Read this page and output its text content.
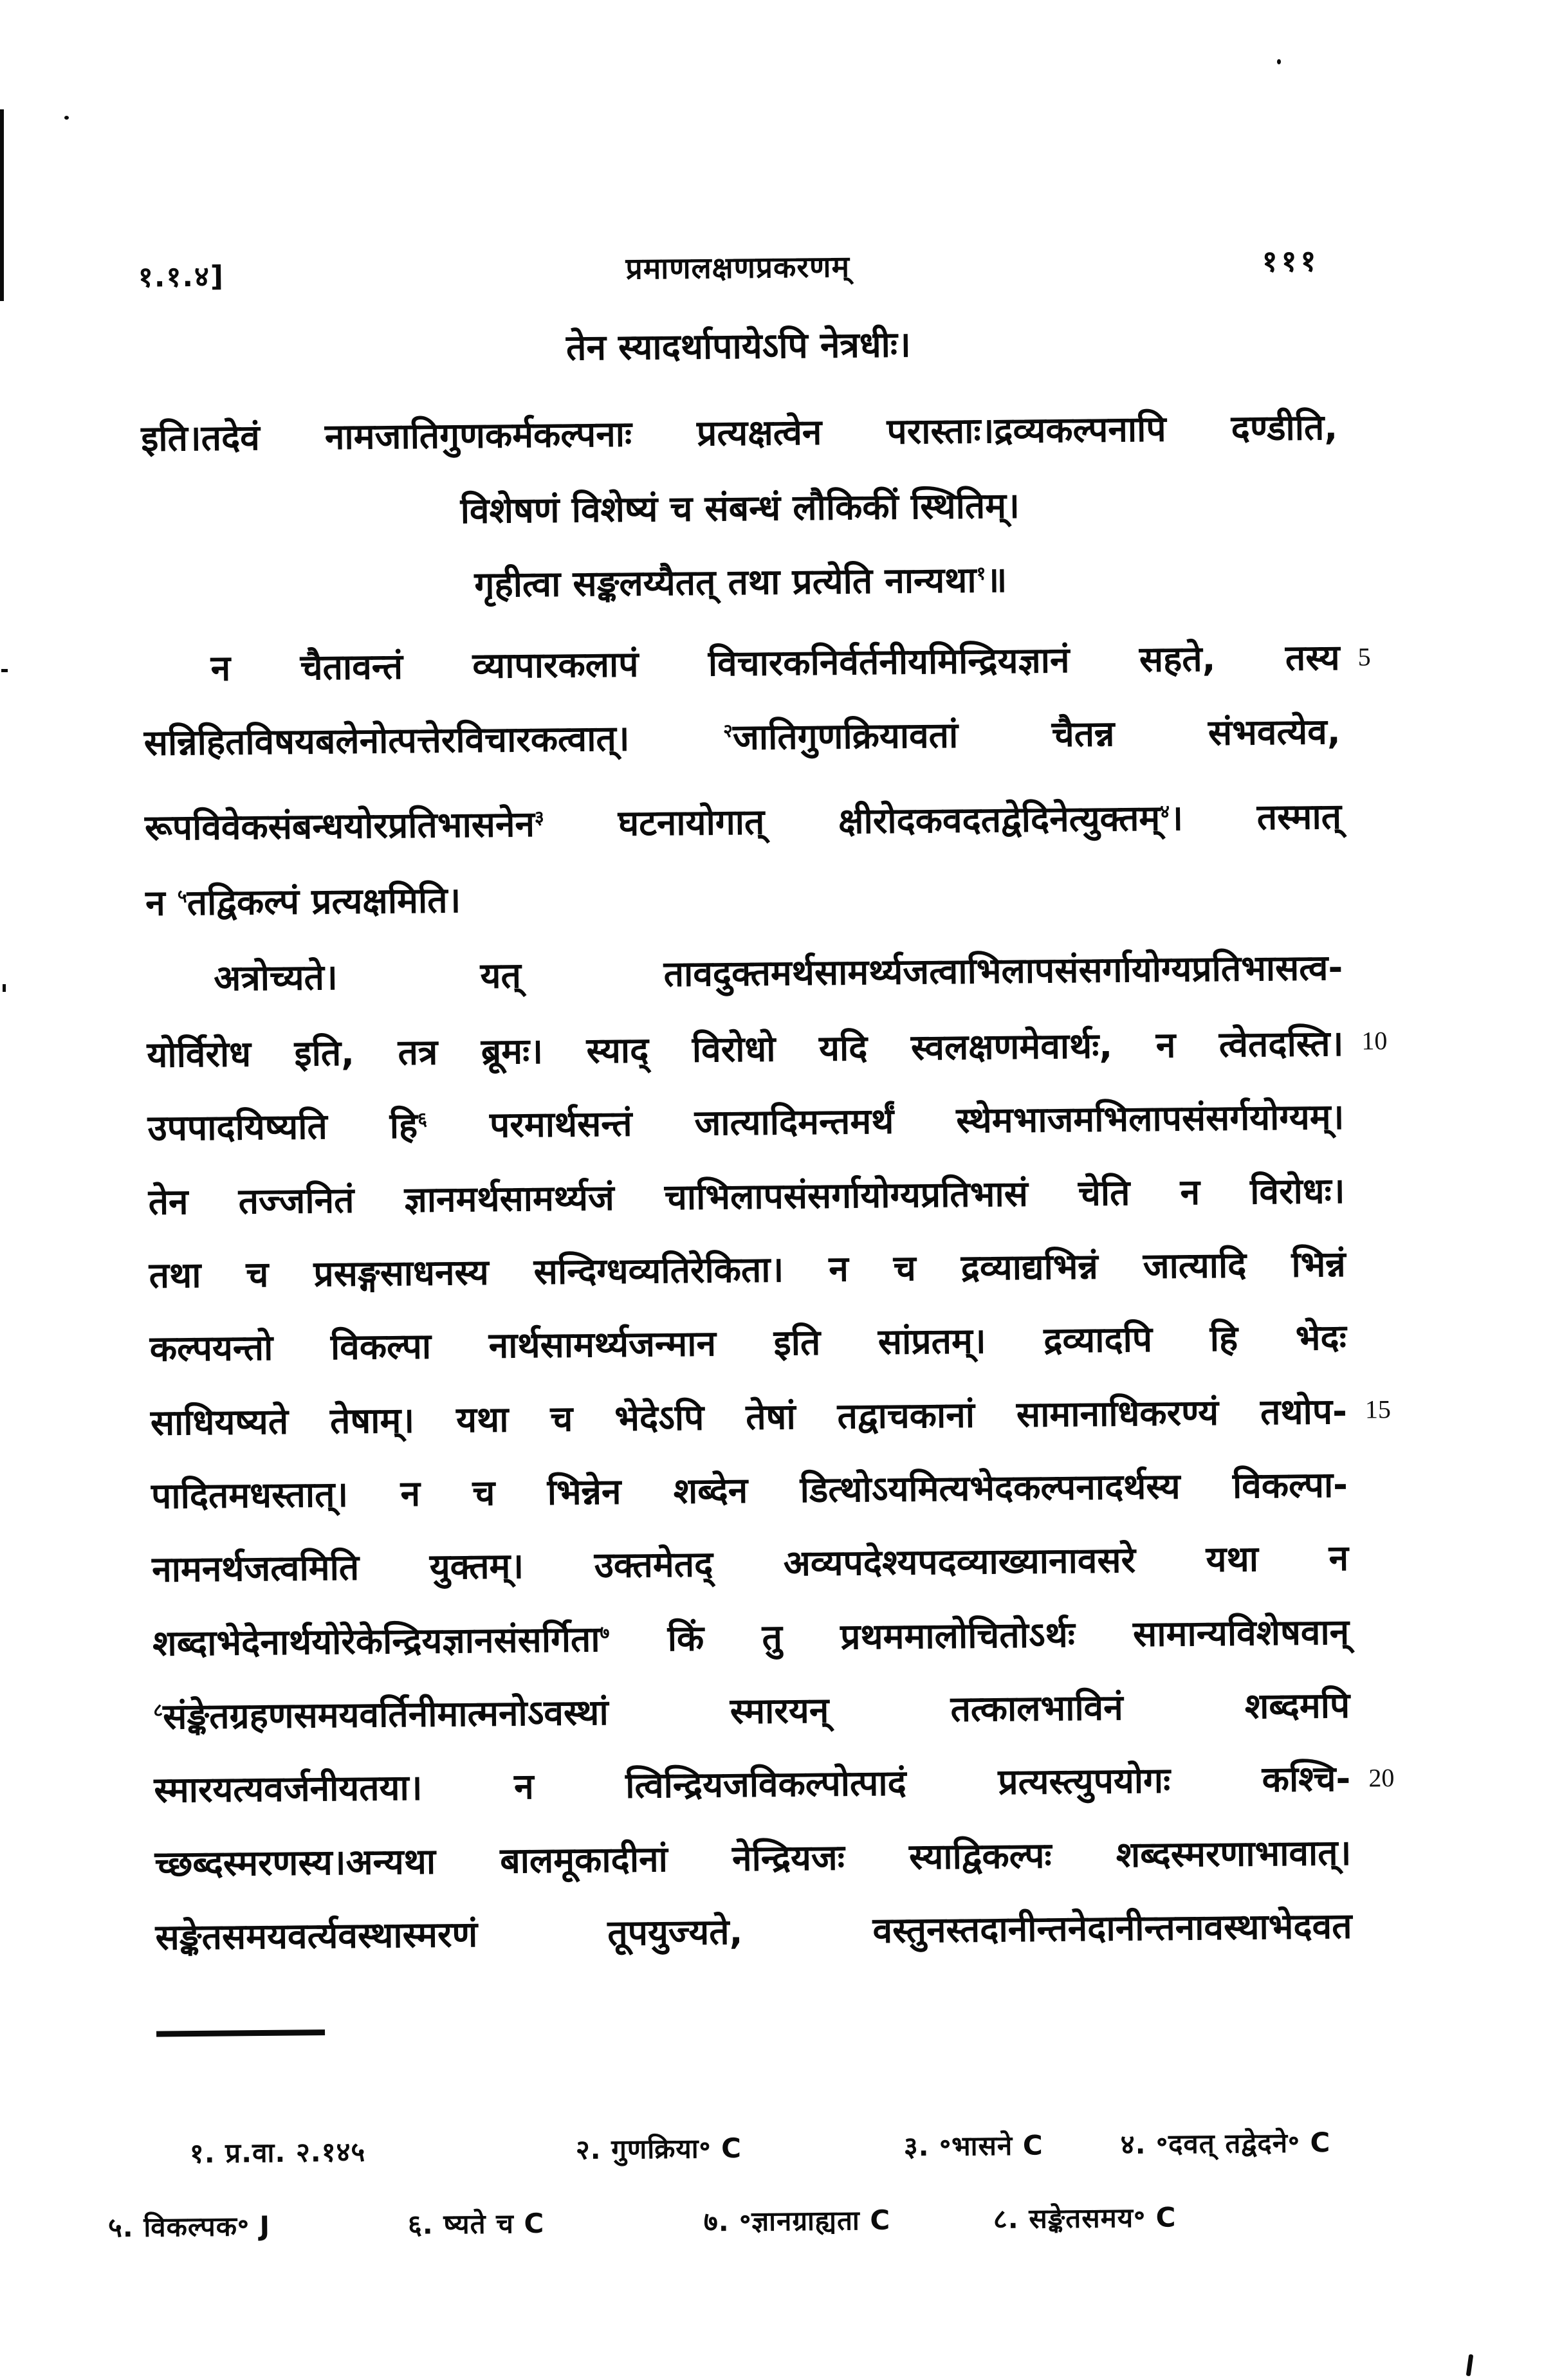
१.१.४]	प्रमाणलक्षणप्रकरणम्	१११
तेन स्यादर्थापायेऽपि नेत्रधीः।
इति।तदेवं नामजातिगुणकर्मकल्पनाः प्रत्यक्षत्वेन परास्ताः।द्रव्यकल्पनापि दण्डीति,
विशेषणं विशेष्यं च संबन्धं लौकिकीं स्थितिम्।
गृहीत्वा सङ्कलय्यैतत् तथा प्रत्येति नान्यथा$^१$॥
न चैतावन्तं व्यापारकलापं विचारकनिर्वर्तनीयमिन्द्रियज्ञानं सहते, तस्य
सन्निहितविषयबलेनोत्पत्तेरविचारकत्वात्। $^२$जातिगुणक्रियावतां चैतन्न संभवत्येव,
रूपविवेकसंबन्धयोरप्रतिभासनेन$^३$ घटनायोगात् क्षीरोदकवदतद्वेदिनेत्युक्तम्$^४$। तस्मात्
न $^५$तद्विकल्पं प्रत्यक्षमिति।
अत्रोच्यते। यत् तावदुक्तमर्थसामर्थ्यजत्वाभिलापसंसर्गायोग्यप्रतिभासत्व-
योर्विरोध इति, तत्र ब्रूमः। स्याद् विरोधो यदि स्वलक्षणमेवार्थः, न त्वेतदस्ति।
उपपादयिष्यति हि$^६$ परमार्थसन्तं जात्यादिमन्तमर्थं स्थेमभाजमभिलापसंसर्गयोग्यम्।
तेन तज्जनितं ज्ञानमर्थसामर्थ्यजं चाभिलापसंसर्गायोग्यप्रतिभासं चेति न विरोधः।
तथा च प्रसङ्गसाधनस्य सन्दिग्धव्यतिरेकिता। न च द्रव्याद्यभिन्नं जात्यादि भिन्नं
कल्पयन्तो विकल्पा नार्थसामर्थ्यजन्मान इति सांप्रतम्। द्रव्यादपि हि भेदः
साधियष्यते तेषाम्। यथा च भेदेऽपि तेषां तद्वाचकानां सामानाधिकरण्यं तथोप-
पादितमधस्तात्। न च भिन्नेन शब्देन डित्थोऽयमित्यभेदकल्पनादर्थस्य विकल्पा-
नामनर्थजत्वमिति युक्तम्। उक्तमेतद् अव्यपदेश्यपदव्याख्यानावसरे यथा न
शब्दाभेदेनार्थयोरेकेन्द्रियज्ञानसंसर्गिता$^७$ किं तु प्रथममालोचितोऽर्थः सामान्यविशेषवान्
$^८$संङ्केतग्रहणसमयवर्तिनीमात्मनोऽवस्थां स्मारयन् तत्कालभाविनं शब्दमपि
स्मारयत्यवर्जनीयतया। न त्विन्द्रियजविकल्पोत्पादं प्रत्यस्त्युपयोगः कश्चि-
च्छब्दस्मरणस्य।अन्यथा बालमूकादीनां नेन्द्रियजः स्याद्विकल्पः शब्दस्मरणाभावात्।
सङ्केतसमयवर्त्यवस्थास्मरणं तूपयुज्यते, वस्तुनस्तदानीन्तनेदानीन्तनावस्थाभेदवत
5
10
15
20
१. प्र.वा. २.१४५	२. गुणक्रिया॰ C	३. ॰भासने C	४. ॰दवत् तद्वेदने॰ C
५. विकल्पक॰ J	६. ष्यते च C	७. ॰ज्ञानग्राह्यता C	८. सङ्केतसमय॰ C
